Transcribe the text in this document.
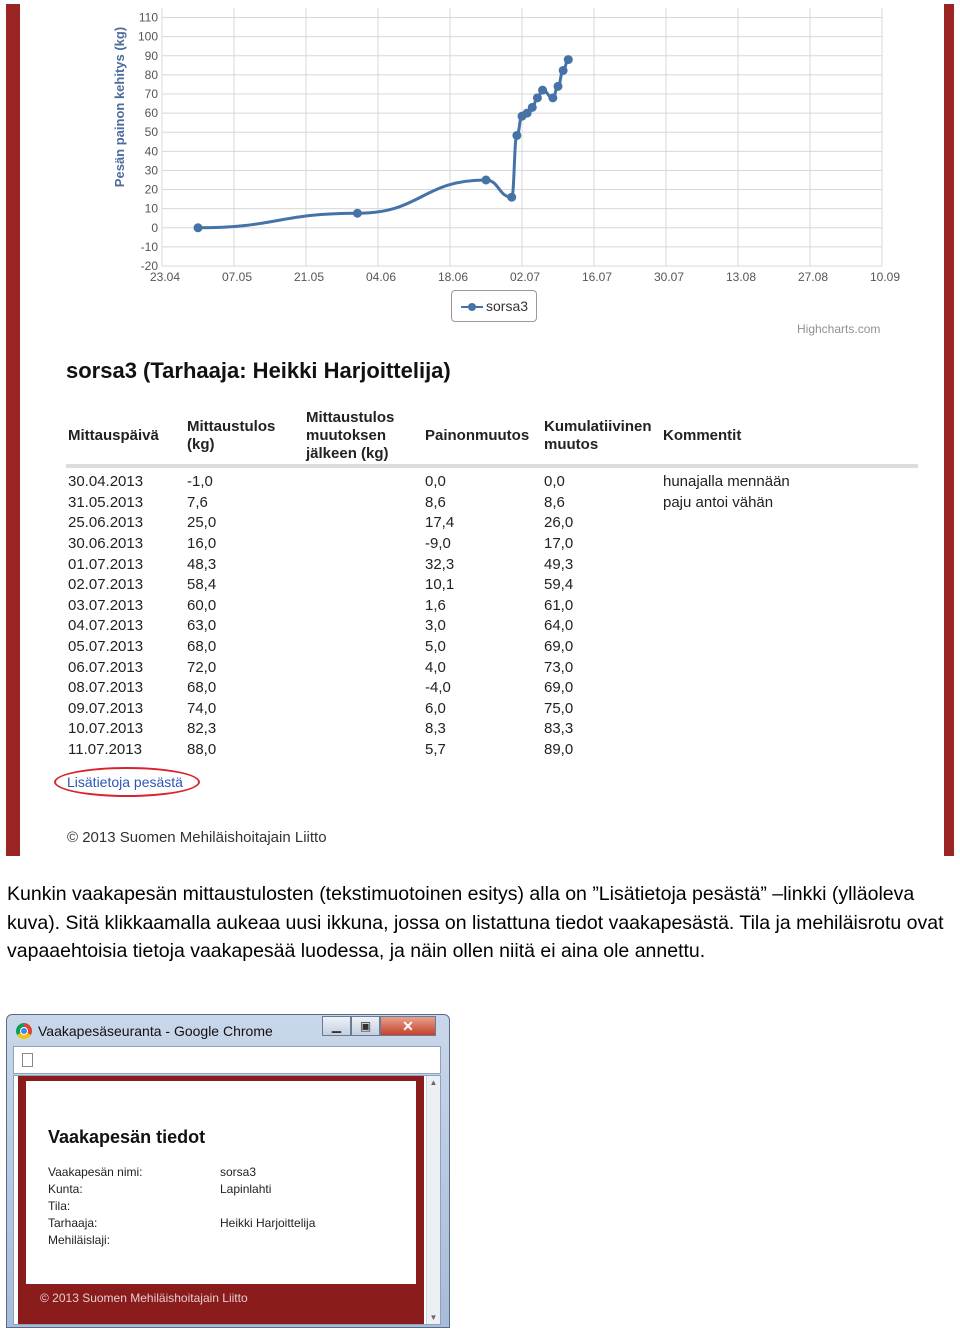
-20
-10
0
10
20
30
40
50
60
70
80
90
100
110
23.04	07.05	21.05	04.06	18.06	02.07	16.07	30.07	13.08	27.08	10.09
Pesän painon kehitys (kg)
sorsa3
Highcharts.com
sorsa3 (Tarhaaja: Heikki Harjoittelija)
Mittauspäivä	Mittaustulos (kg)	Mittaustulos muutoksen jälkeen (kg)	Painonmuutos	Kumulatiivinen muutos	Kommentit
30.04.2013	-1,0		0,0	0,0	hunajalla mennään
31.05.2013	7,6		8,6	8,6	paju antoi vähän
25.06.2013	25,0		17,4	26,0	
30.06.2013	16,0		-9,0	17,0	
01.07.2013	48,3		32,3	49,3	
02.07.2013	58,4		10,1	59,4	
03.07.2013	60,0		1,6	61,0	
04.07.2013	63,0		3,0	64,0	
05.07.2013	68,0		5,0	69,0	
06.07.2013	72,0		4,0	73,0	
08.07.2013	68,0		-4,0	69,0	
09.07.2013	74,0		6,0	75,0	
10.07.2013	82,3		8,3	83,3	
11.07.2013	88,0		5,7	89,0	
Lisätietoja pesästä
© 2013 Suomen Mehiläishoitajain Liitto
Kunkin vaakapesän mittaustulosten (tekstimuotoinen esitys) alla on ”Lisätietoja pesästä” –linkki (ylläoleva kuva). Sitä klikkaamalla aukeaa uusi ikkuna, jossa on listattuna tiedot vaakapesästä. Tila ja mehiläisrotu ovat vapaaehtoisia tietoja vaakapesää luodessa, ja näin ollen niitä ei aina ole annettu.
Vaakapesäseuranta - Google Chrome	▁	▣	✕
Vaakapesän tiedot
Vaakapesän nimi:	sorsa3
Kunta:	Lapinlahti
Tila:
Tarhaaja:	Heikki Harjoittelija
Mehiläislaji:
© 2013 Suomen Mehiläishoitajain Liitto
▲
▼
